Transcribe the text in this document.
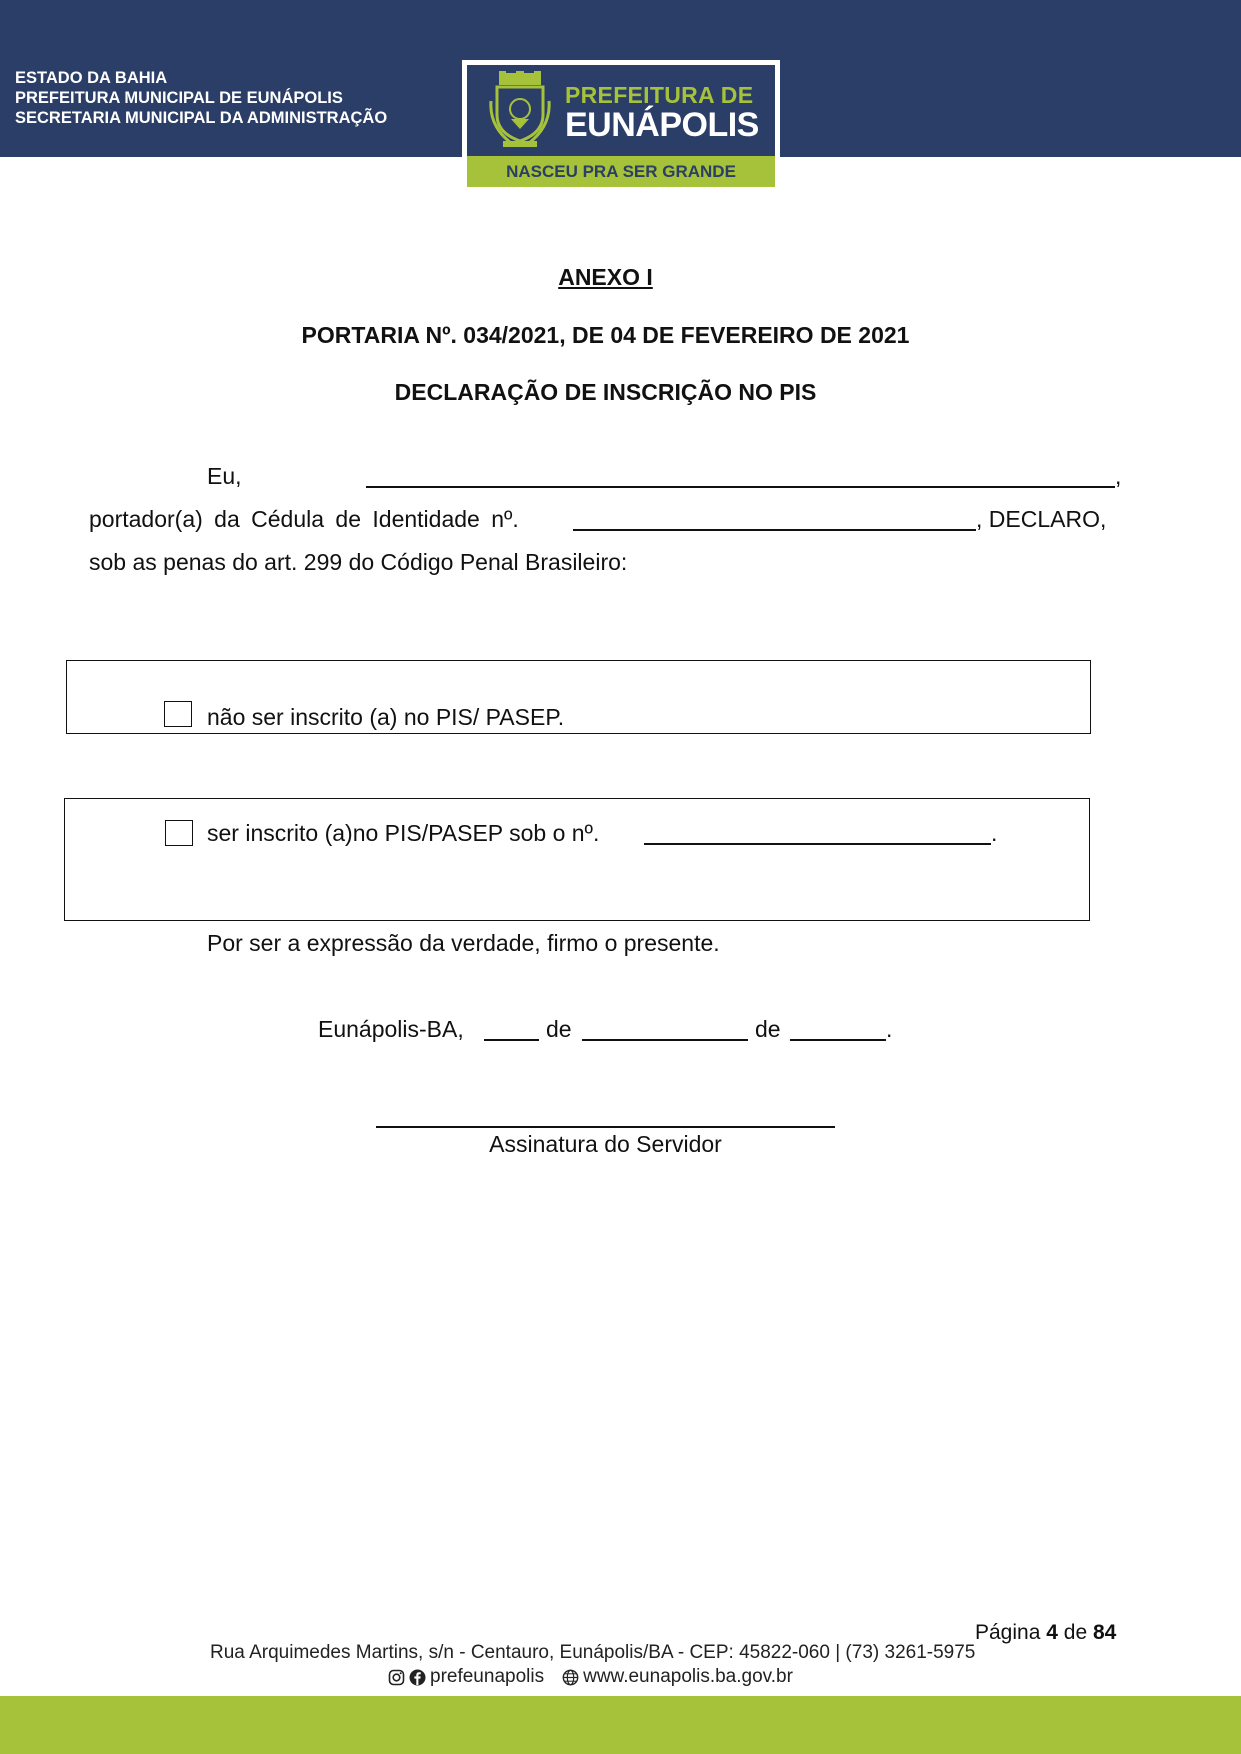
ESTADO DA BAHIA
PREFEITURA MUNICIPAL DE EUNÁPOLIS
SECRETARIA MUNICIPAL DA ADMINISTRAÇÃO
PREFEITURA DE
EUNÁPOLIS
NASCEU PRA SER GRANDE
ANEXO I
PORTARIA Nº. 034/2021, DE 04 DE FEVEREIRO DE 2021
DECLARAÇÃO DE INSCRIÇÃO NO PIS
Eu,	,
portador(a) da Cédula de Identidade nº.	, DECLARO,
sob as penas do art. 299 do Código Penal Brasileiro:
não ser inscrito (a) no PIS/ PASEP.
ser inscrito (a)no PIS/PASEP sob o nº.	.
Por ser a expressão da verdade, firmo o presente.
Eunápolis-BA,	de	de	.
Assinatura do Servidor
Página 4 de 84
Rua Arquimedes Martins, s/n - Centauro, Eunápolis/BA - CEP: 45822-060 | (73) 3261-5975
prefeunapolis www.eunapolis.ba.gov.br
